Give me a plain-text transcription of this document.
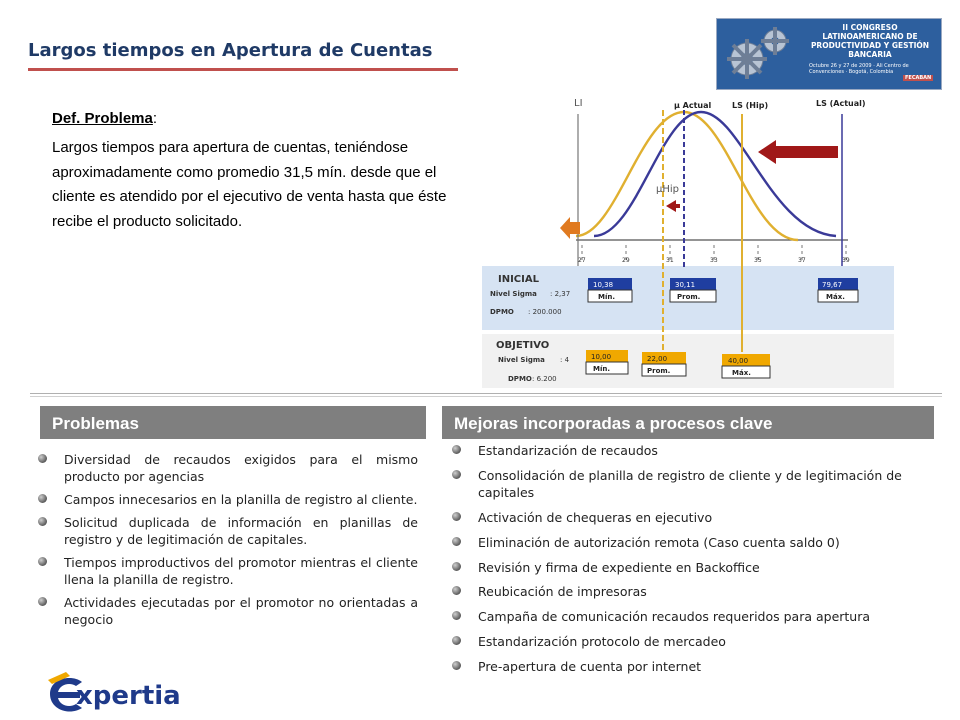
Largos tiempos en Apertura de Cuentas
II CONGRESO LATINOAMERICANO DE PRODUCTIVIDAD Y GESTIÓN BANCARIA
Octubre 26 y 27 de 2009 · Ali Centro de Convenciones · Bogotá, Colombia
FECABAN
Def. Problema:
Largos tiempos para apertura de cuentas, teniéndose aproximadamente como promedio 31,5 mín. desde que el cliente es atendido por el ejecutivo de venta hasta que éste recibe el producto solicitado.
27	29	31	33	35	37	39
LI	μ Actual	LS (Hip)	LS (Actual)
μHip
INICIAL
Nivel Sigma : 2,37
DPMO : 200.000
10,38
Mín.
30,11
Prom.
79,67
Máx.
OBJETIVO
Nivel Sigma : 4
DPMO : 6.200
10,00
Mín.
22,00
Prom.
40,00
Máx.
Problemas	Mejoras incorporadas a procesos clave
Diversidad de recaudos exigidos para el mismo producto por agencias
Campos innecesarios en la planilla de registro al cliente.
Solicitud duplicada de información en planillas de registro y de legitimación de capitales.
Tiempos improductivos del promotor mientras el cliente llena la planilla de registro.
Actividades ejecutadas por el promotor no orientadas a negocio
Estandarización de recaudos
Consolidación de planilla de registro de cliente y de legitimación de capitales
Activación de chequeras en ejecutivo
Eliminación de autorización remota (Caso cuenta saldo 0)
Revisión y firma de expediente en Backoffice
Reubicación de impresoras
Campaña de comunicación recaudos requeridos para apertura
Estandarización protocolo de mercadeo
Pre-apertura de cuenta por internet
xpertia
